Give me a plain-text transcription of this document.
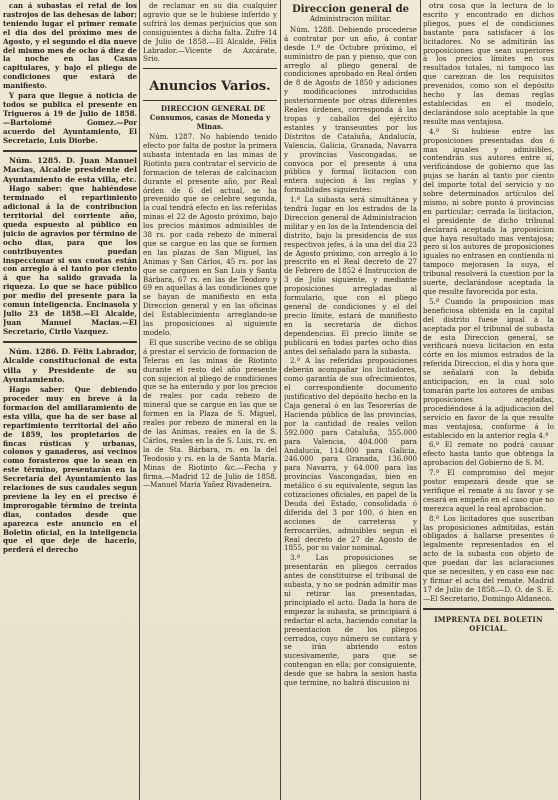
can á subastas el retal de los rastrojos de las dehesas de labor; teniendo lugar el primer remate el dia dos del próximo mes de Agosto, y el segundo el dia nueve del mismo mes de ocho á diez de la noche en las Casas capitulares, y bajo el pliego de condiciones que estará de manifiesto.

Y para que llegue á noticia de todos se publica el presente en Trigueros á 19 de Julio de 1858.—Bartolomé Gomez.—Por acuerdo del Ayuntamiento, El Secretario, Luis Diorbe.

Núm. 1285. D. Juan Manuel Macias, Alcalde presidente del Ayuntamiento de esta villa, etc.

Hago saber: que habiéndose terminado el repartimiento adicional á la de contribucion territorial del corriente año, queda espuesto al público en juicio de agravios por término de ocho dias, para que los contribuyentes puedan inspeccionar si sus cuotas están con arreglo á el tanto por ciento á que ha salido gravada la riqueza. Lo que se hace público por medio del presente para la comun inteligencia. Encinasola y Julio 23 de 1858.—El Alcalde, Juan Manuel Macias.—El Secretario, Cirilo Vazquez.

Núm. 1286. D. Félix Labrador, Alcalde constitucional de esta villa y Presidente de su Ayuntamiento.

Hago saber: Que debiendo proceder muy en breve á la formacion del amillaramiento de esta villa, que ha de ser base al repartimiento territorial del año de 1859, los propietarios de fincas rústicas y urbanas, colonos y ganaderos, así vecinos como forasteros que lo sean en este término, presentarán en la Secretaría del Ayuntamiento las relaciones de sus caudales segun previene la ley en el preciso é improrogable término de treinta dias, contados desde que aparezca este anuncio en el Boletin oficial, en la inteligencia que el que deje de hacerlo, perderá el derecho

de reclamar en su dia cualquier agravio que se le hubiese inferido y sufrirá los demas perjuicios que son consiguientes á dicha falta. Zufre 14 de Julio de 1858.—El Alcalde, Félix Labrador.—Vicente de Azcárate, Srio.

Anuncios Varios.

DIRECCION GENERAL DE Consumos, casas de Moneda y Minas.

Núm. 1287. No habiendo tenido efecto por falta de postor la primera subasta intentada en las minas de Riotinto para contratar el servicio de formacion de teleras de calcinacion durante el presente año, por Real órden de 6 del actual, se ha prevenido que se celebre segunda, la cual tendrá efecto en las referidas minas el 22 de Agosto próximo, bajo los precios máximos admisibles de 38 rs. por cada rebezo de mineral que se cargue en las que se formen en las plazas de San Miguel, las Animas y San Cárlos, 45 rs. por las que se carguen en San Luis y Santa Bárbara, 67 rs. en las de Teodoro y 69 en aquellas á las condiciones que se hayan de manifiesto en esta Direccion general y en las oficinas del Establecimiento arreglando-se las proposiciones al siguiente modelo.

El que suscribe vecino de se obliga á prestar el servicio de formacion de Teleras en las minas de Riotinto durante el resto del año presente con sujecion al pliego de condiciones que se ha enterado y por los precios de reales por cada rebezo de mineral que se cargue en las que se formen en la Plaza de S. Miguel, reales por rebezo de mineral en la de las Animas, reales en la de S. Cárlos, reales en la de S. Luis, rs. en la de Sta. Bárbara, rs. en la del Teodosio y rs. en la de Santa María. Minas de Riotinto &c.—Fecha y firma.—Madrid 12 de Julio de 1858.—Manuel María Yañez Rivadeneira.

Direccion general de
Administracion militar.

Núm. 1288. Debiendo procederse á contratar por un año, á contar desde 1.º de Octubre próximo, el suministro de pan y pienso, que con arreglo al pliego general de condiciones aprobado en Real órden de 8 de Agosto de 1850 y adiciones y modificaciones introducidas posteriormente por otras diferentes Reales órdenes, corresponda á las tropas y caballos del ejército estantes y transeuntes por los Distritos de Cataluña, Andalucía, Valencia, Galicia, Granada, Navarra y provincias Vascongadas, se convoca por el presente á una pública y formal licitacion con entera sujecion á las reglas y formalidades siguientes:

1.ª La subasta será simultánea y tendrá lugar en los estrados de la Direccion general de Administracion militar y en los de la Intendencia del distrito, bajo la presidencia de sus respectivos jefes, á la una del dia 23 de Agosto próximo, con arreglo á lo prescrito en el Real decreto de 27 de Febrero de 1852 é Instruccion de 3 de Julio siguiente, y mediante proposiciones arregladas al formulario, que con el pliego general de condiciones y el del precio límite, estará de manifiesto en la secretaría de dichos dependencias. El precio límite se publicará en todas partes ocho dias antes del señalado para la subasta.

2.ª A las referidas proposiciones deberán acompañar los licitadores, como garantía de sus ofrecimientos, el correspondiente documento justificativo del depósito hecho en la Caja general ó en las Tesorerías de Hacienda pública de las provincias, por la cantidad de reales vellon 592.000 para Cataluña, 355.000 para Valencia, 404.000 para Andalucía, 114.000 para Galicia, 246.000 para Granada, 136.000 para Navarra, y 64.000 para las provincias Vascongadas, bien en metálico ó su equivalente, segun las cotizaciones oficiales, en papel de la Deuda del Estado, consolidada ó diferida del 3 por 100, ó bien en acciones de carreteras y ferrocarriles, admisibles segun el Real decreto de 27 de Agosto de 1855, por su valor nominal.

3.ª Las proposiciones se presentarán en pliegos cerrados antes de constituirse el tribunal de subasta, y no se podrán admitir mas ni retirar las presentadas, principiado el acto. Dada la hora de empezar la subasta, se principiará á redactar el acta, haciendo constar la presentacion de los pliegos cerrados, cuyo número se contará y se irán abriendo estos sucesivamente, para que se contengan en ella; por consiguiente, desde que se habra la sesion hasta que termine, no habrá discusion ni

otra cosa que la lectura de lo escrito y encontrado en dichos pliegos, pues el de condiciones bastante para satisfacer á los licitadores. No se admitirán las proposiciones que sean superiores á los precios límites en sus resultados totales, ni tampoco las que carezcan de los requisitos prevenidos, como son el depósito hecho y las demas reglas establecidas en el modelo, declarándose solo aceptable la que resulte mas ventajosa.

4.ª Si hubiese entre las proposiciones presentadas dos ó mas iguales y admisibles, contendrán sus autores entre sí, verificándose de gobierno que las pujas se harán al tanto por ciento del importe total del servicio y no sobre determinados artículos del mismo, ni sobre punto á provincias en particular; cerrada la licitacion, el presidente de dicho tribunal declarará aceptada la proposicion que haya resultado mas ventajosa; pero si los autores de proposiciones iguales no entrasen en contienda ni tampoco mejorasen la suya, el tribunal resolverá la cuestion por la suerte, declarándose aceptada la que resulte favorecida por esta.

5.ª Cuando la proposicion mas beneficiosa obtenida en la capital del distrito fuese igual á la aceptada por el tribunal de subasta de esta Direccion general, se verificará nueva licitacion en esta córte en los mismos estrados de la referida Direccion, el dia y hora que se señalará con la debida anticipacion, en la cual solo tomarán parte los autores de ambas proposiciones aceptadas, procediéndose á la adjudicacion del servicio en favor de la que resulte mas ventajosa, conforme á lo establecido en la anterior regla 4.ª

6.ª El remate no podrá causar efecto hasta tanto que obtenga la aprobacion del Gobierno de S. M.

7.ª El compromiso del mejor postor empezará desde que se verifique el remate á su favor y se cesará en empeño en el caso que no merezca aquel la real aprobacion.

8.ª Los licitadores que suscriban las proposiciones admitidas, están obligados á hallarse presentes ó legalmente representados en el acto de la subasta con objeto de que puedan dar las aclaraciones que se necesiten, y en caso ese nac y firmar el acta del remate. Madrid 17 de Julio de 1858.—D. O. de S. E.—El Secretario, Domingo Aldaneco.

IMPRENTA DEL BOLETIN OFICIAL.
